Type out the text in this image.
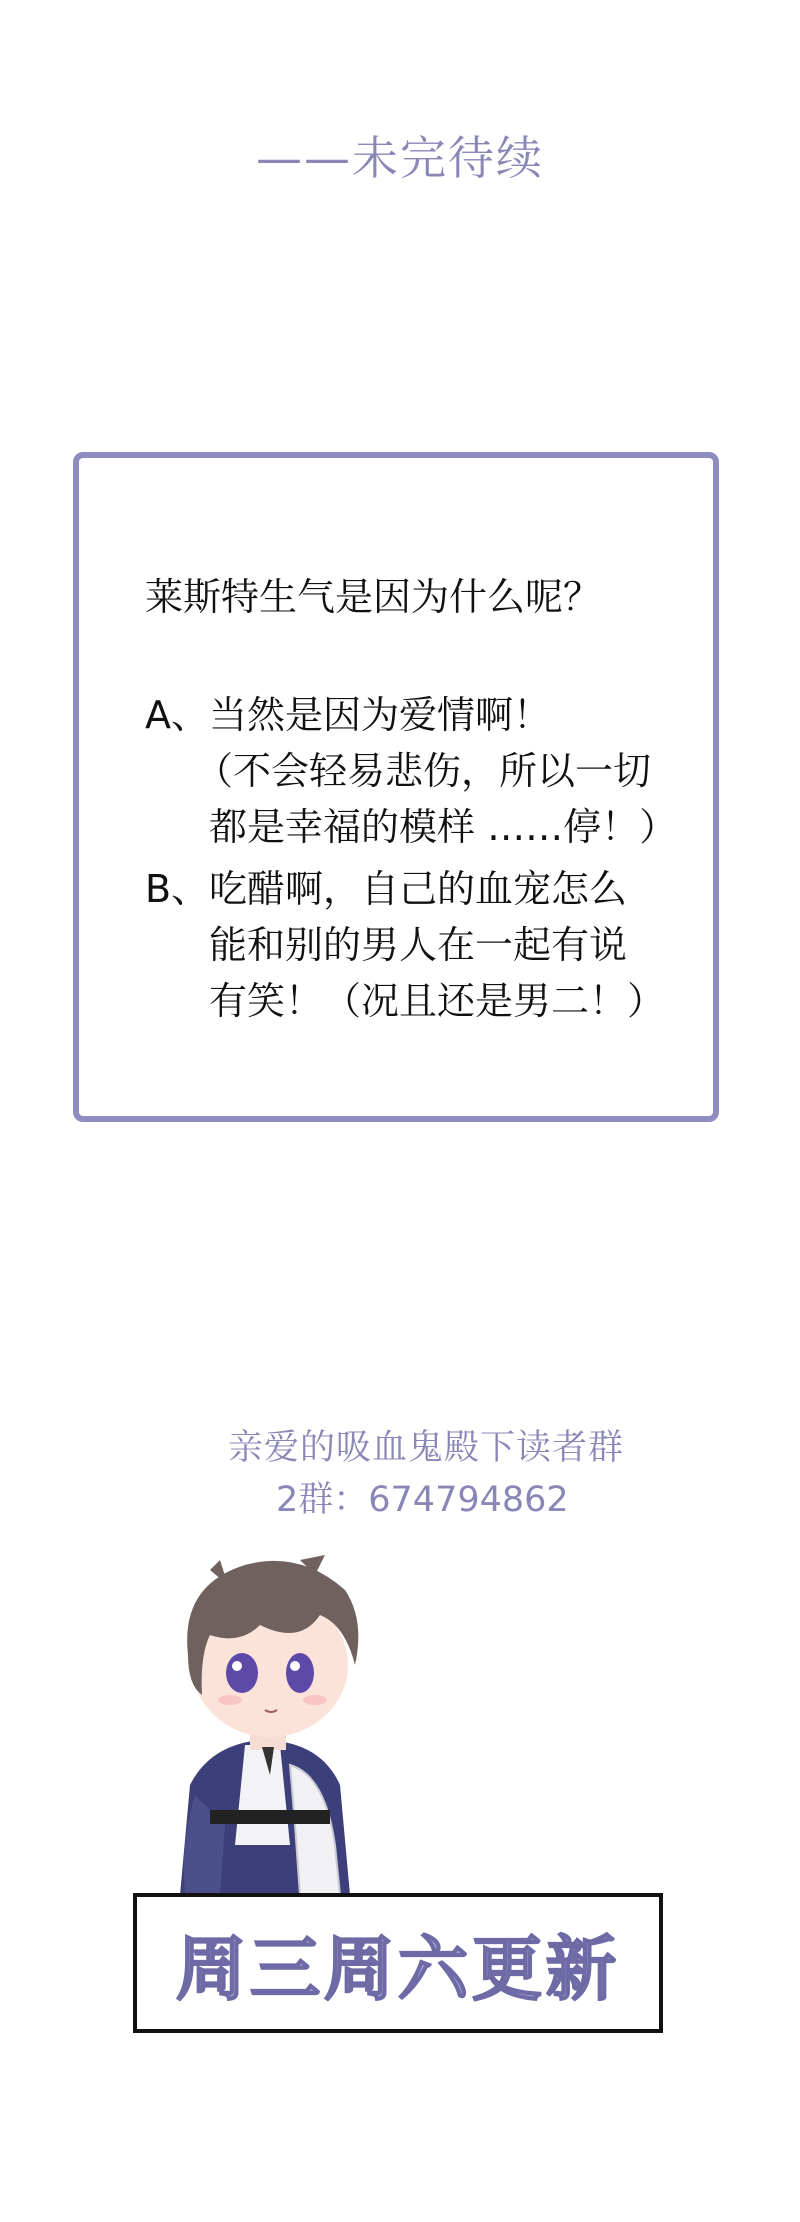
——未完待续
莱斯特生气是因为什么呢？
A、当然是因为爱情啊！
（不会轻易悲伤，所以一切
都是幸福的模样 ……停！）
B、吃醋啊，自己的血宠怎么
能和别的男人在一起有说
有笑！（况且还是男二！）
亲爱的吸血鬼殿下读者群
2群：674794862
周三周六更新
